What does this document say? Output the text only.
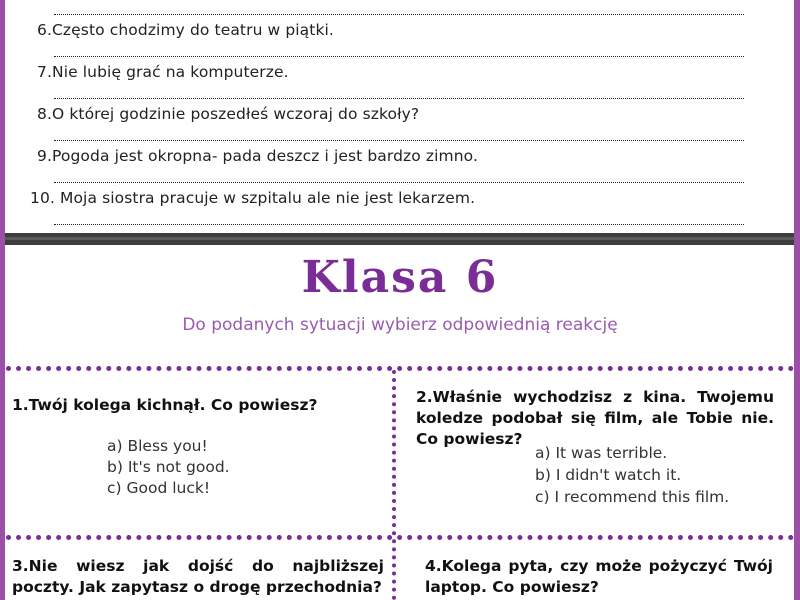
6.Często chodzimy do teatru w piątki.
7.Nie lubię grać na komputerze.
8.O której godzinie poszedłeś wczoraj do szkoły?
9.Pogoda jest okropna- pada deszcz i jest bardzo zimno.
10. Moja siostra pracuje w szpitalu ale nie jest lekarzem.
Klasa 6
Do podanych sytuacji wybierz odpowiednią reakcję
1.Twój kolega kichnął. Co powiesz?
a) Bless you!
b) It's not good.
c) Good luck!
2.Właśnie wychodzisz z kina. Twojemu koledze podobał się film, ale Tobie nie. Co powiesz?
a) It was terrible.
b) I didn't watch it.
c) I recommend this film.
3.Nie wiesz jak dojść do najbliższej poczty. Jak zapytasz o drogę przechodnia?
4.Kolega pyta, czy może pożyczyć Twój laptop. Co powiesz?
